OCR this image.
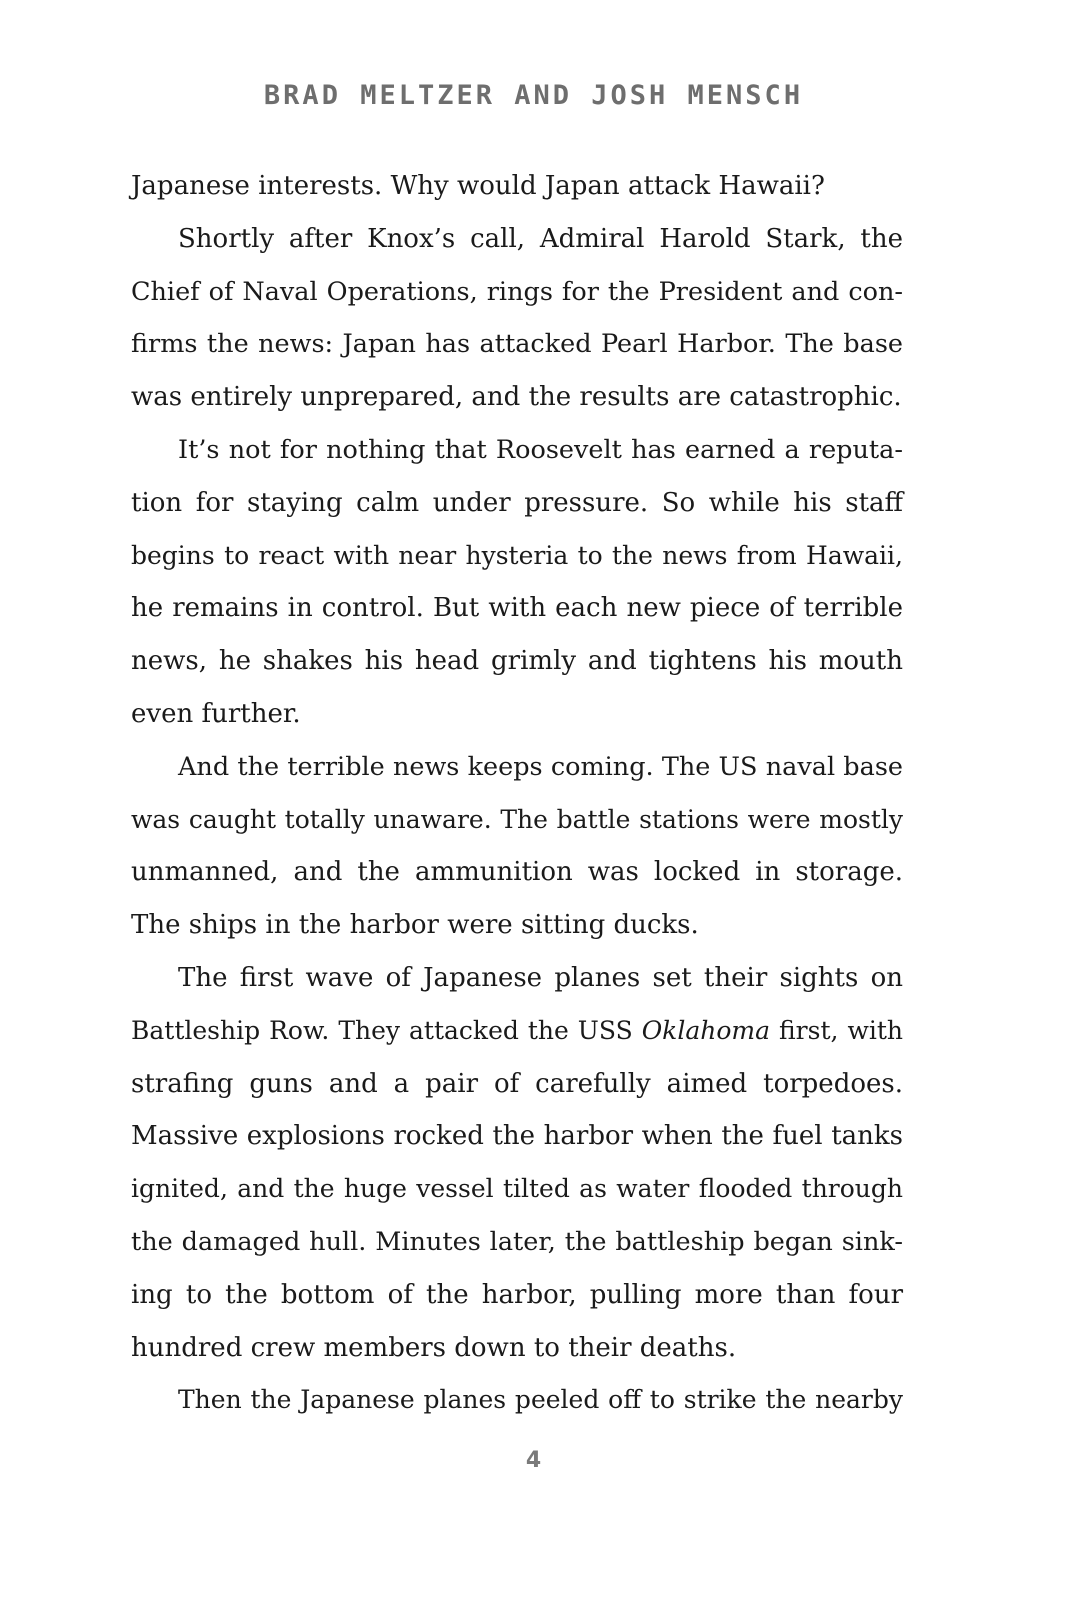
BRAD MELTZER AND JOSH MENSCH
Japanese interests. Why would Japan attack Hawaii?
Shortly after Knox’s call, Admiral Harold Stark, the
Chief of Naval Operations, rings for the President and con-
firms the news: Japan has attacked Pearl Harbor. The base
was entirely unprepared, and the results are catastrophic.
It’s not for nothing that Roosevelt has earned a reputa-
tion for staying calm under pressure. So while his staff
begins to react with near hysteria to the news from Hawaii,
he remains in control. But with each new piece of terrible
news, he shakes his head grimly and tightens his mouth
even further.
And the terrible news keeps coming. The US naval base
was caught totally unaware. The battle stations were mostly
unmanned, and the ammunition was locked in storage.
The ships in the harbor were sitting ducks.
The first wave of Japanese planes set their sights on
Battleship Row. They attacked the USS Oklahoma first, with
strafing guns and a pair of carefully aimed torpedoes.
Massive explosions rocked the harbor when the fuel tanks
ignited, and the huge vessel tilted as water flooded through
the damaged hull. Minutes later, the battleship began sink-
ing to the bottom of the harbor, pulling more than four
hundred crew members down to their deaths.
Then the Japanese planes peeled off to strike the nearby
4
